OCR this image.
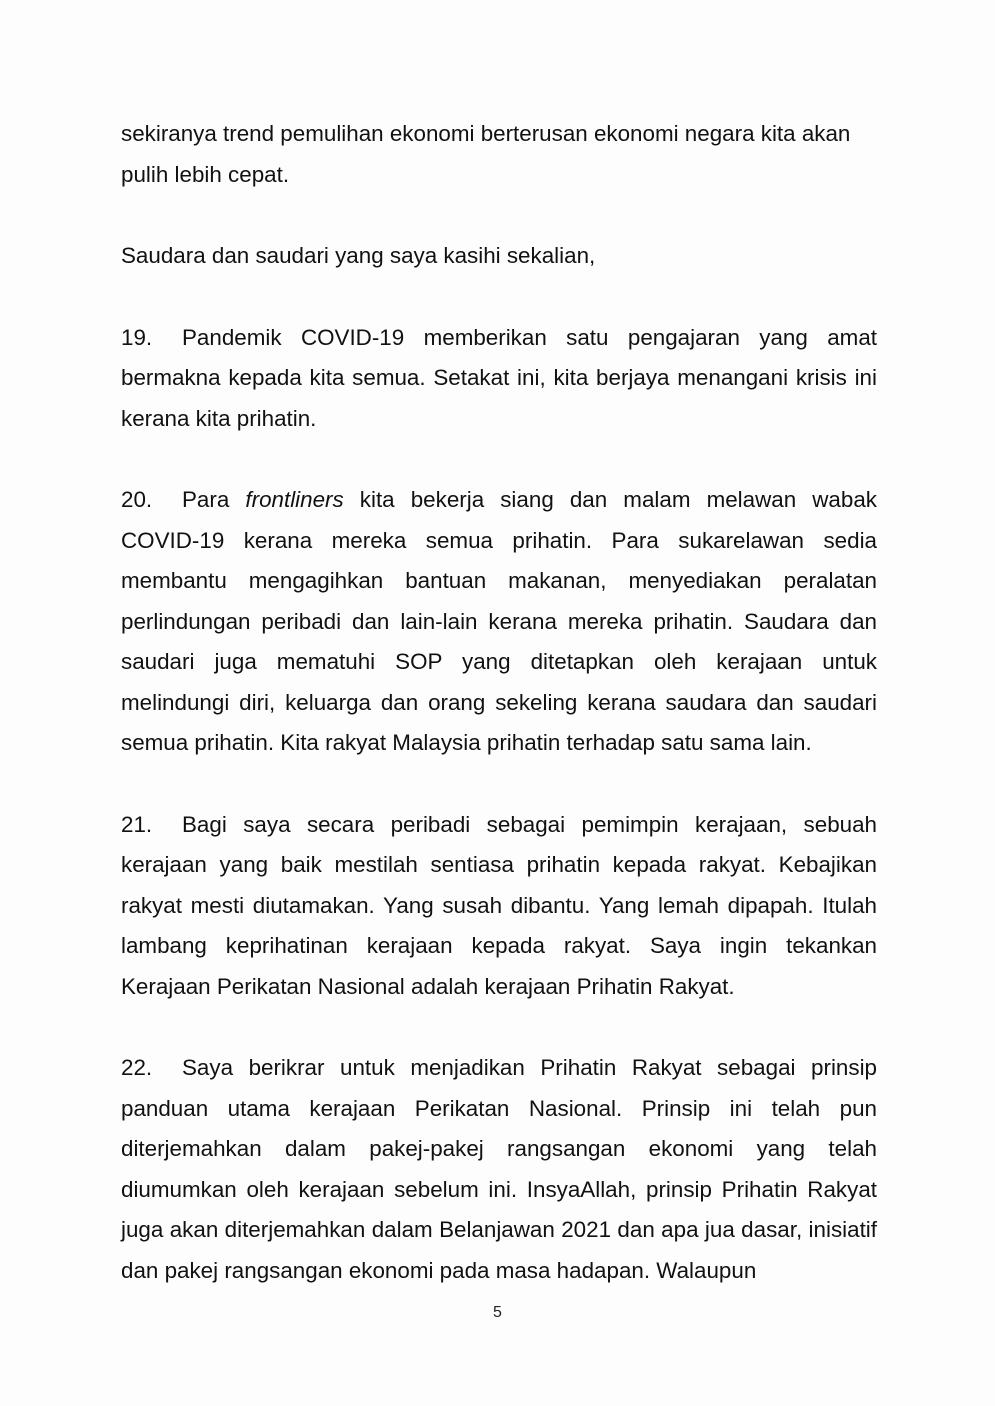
sekiranya trend pemulihan ekonomi berterusan ekonomi negara kita akan pulih lebih cepat.

Saudara dan saudari yang saya kasihi sekalian,

19. Pandemik COVID-19 memberikan satu pengajaran yang amat bermakna kepada kita semua. Setakat ini, kita berjaya menangani krisis ini kerana kita prihatin.

20. Para frontliners kita bekerja siang dan malam melawan wabak COVID-19 kerana mereka semua prihatin. Para sukarelawan sedia membantu mengagihkan bantuan makanan, menyediakan peralatan perlindungan peribadi dan lain-lain kerana mereka prihatin. Saudara dan saudari juga mematuhi SOP yang ditetapkan oleh kerajaan untuk melindungi diri, keluarga dan orang sekeling kerana saudara dan saudari semua prihatin. Kita rakyat Malaysia prihatin terhadap satu sama lain.

21. Bagi saya secara peribadi sebagai pemimpin kerajaan, sebuah kerajaan yang baik mestilah sentiasa prihatin kepada rakyat. Kebajikan rakyat mesti diutamakan. Yang susah dibantu. Yang lemah dipapah. Itulah lambang keprihatinan kerajaan kepada rakyat. Saya ingin tekankan Kerajaan Perikatan Nasional adalah kerajaan Prihatin Rakyat.

22. Saya berikrar untuk menjadikan Prihatin Rakyat sebagai prinsip panduan utama kerajaan Perikatan Nasional. Prinsip ini telah pun diterjemahkan dalam pakej-pakej rangsangan ekonomi yang telah diumumkan oleh kerajaan sebelum ini. InsyaAllah, prinsip Prihatin Rakyat juga akan diterjemahkan dalam Belanjawan 2021 dan apa jua dasar, inisiatif dan pakej rangsangan ekonomi pada masa hadapan. Walaupun

5
